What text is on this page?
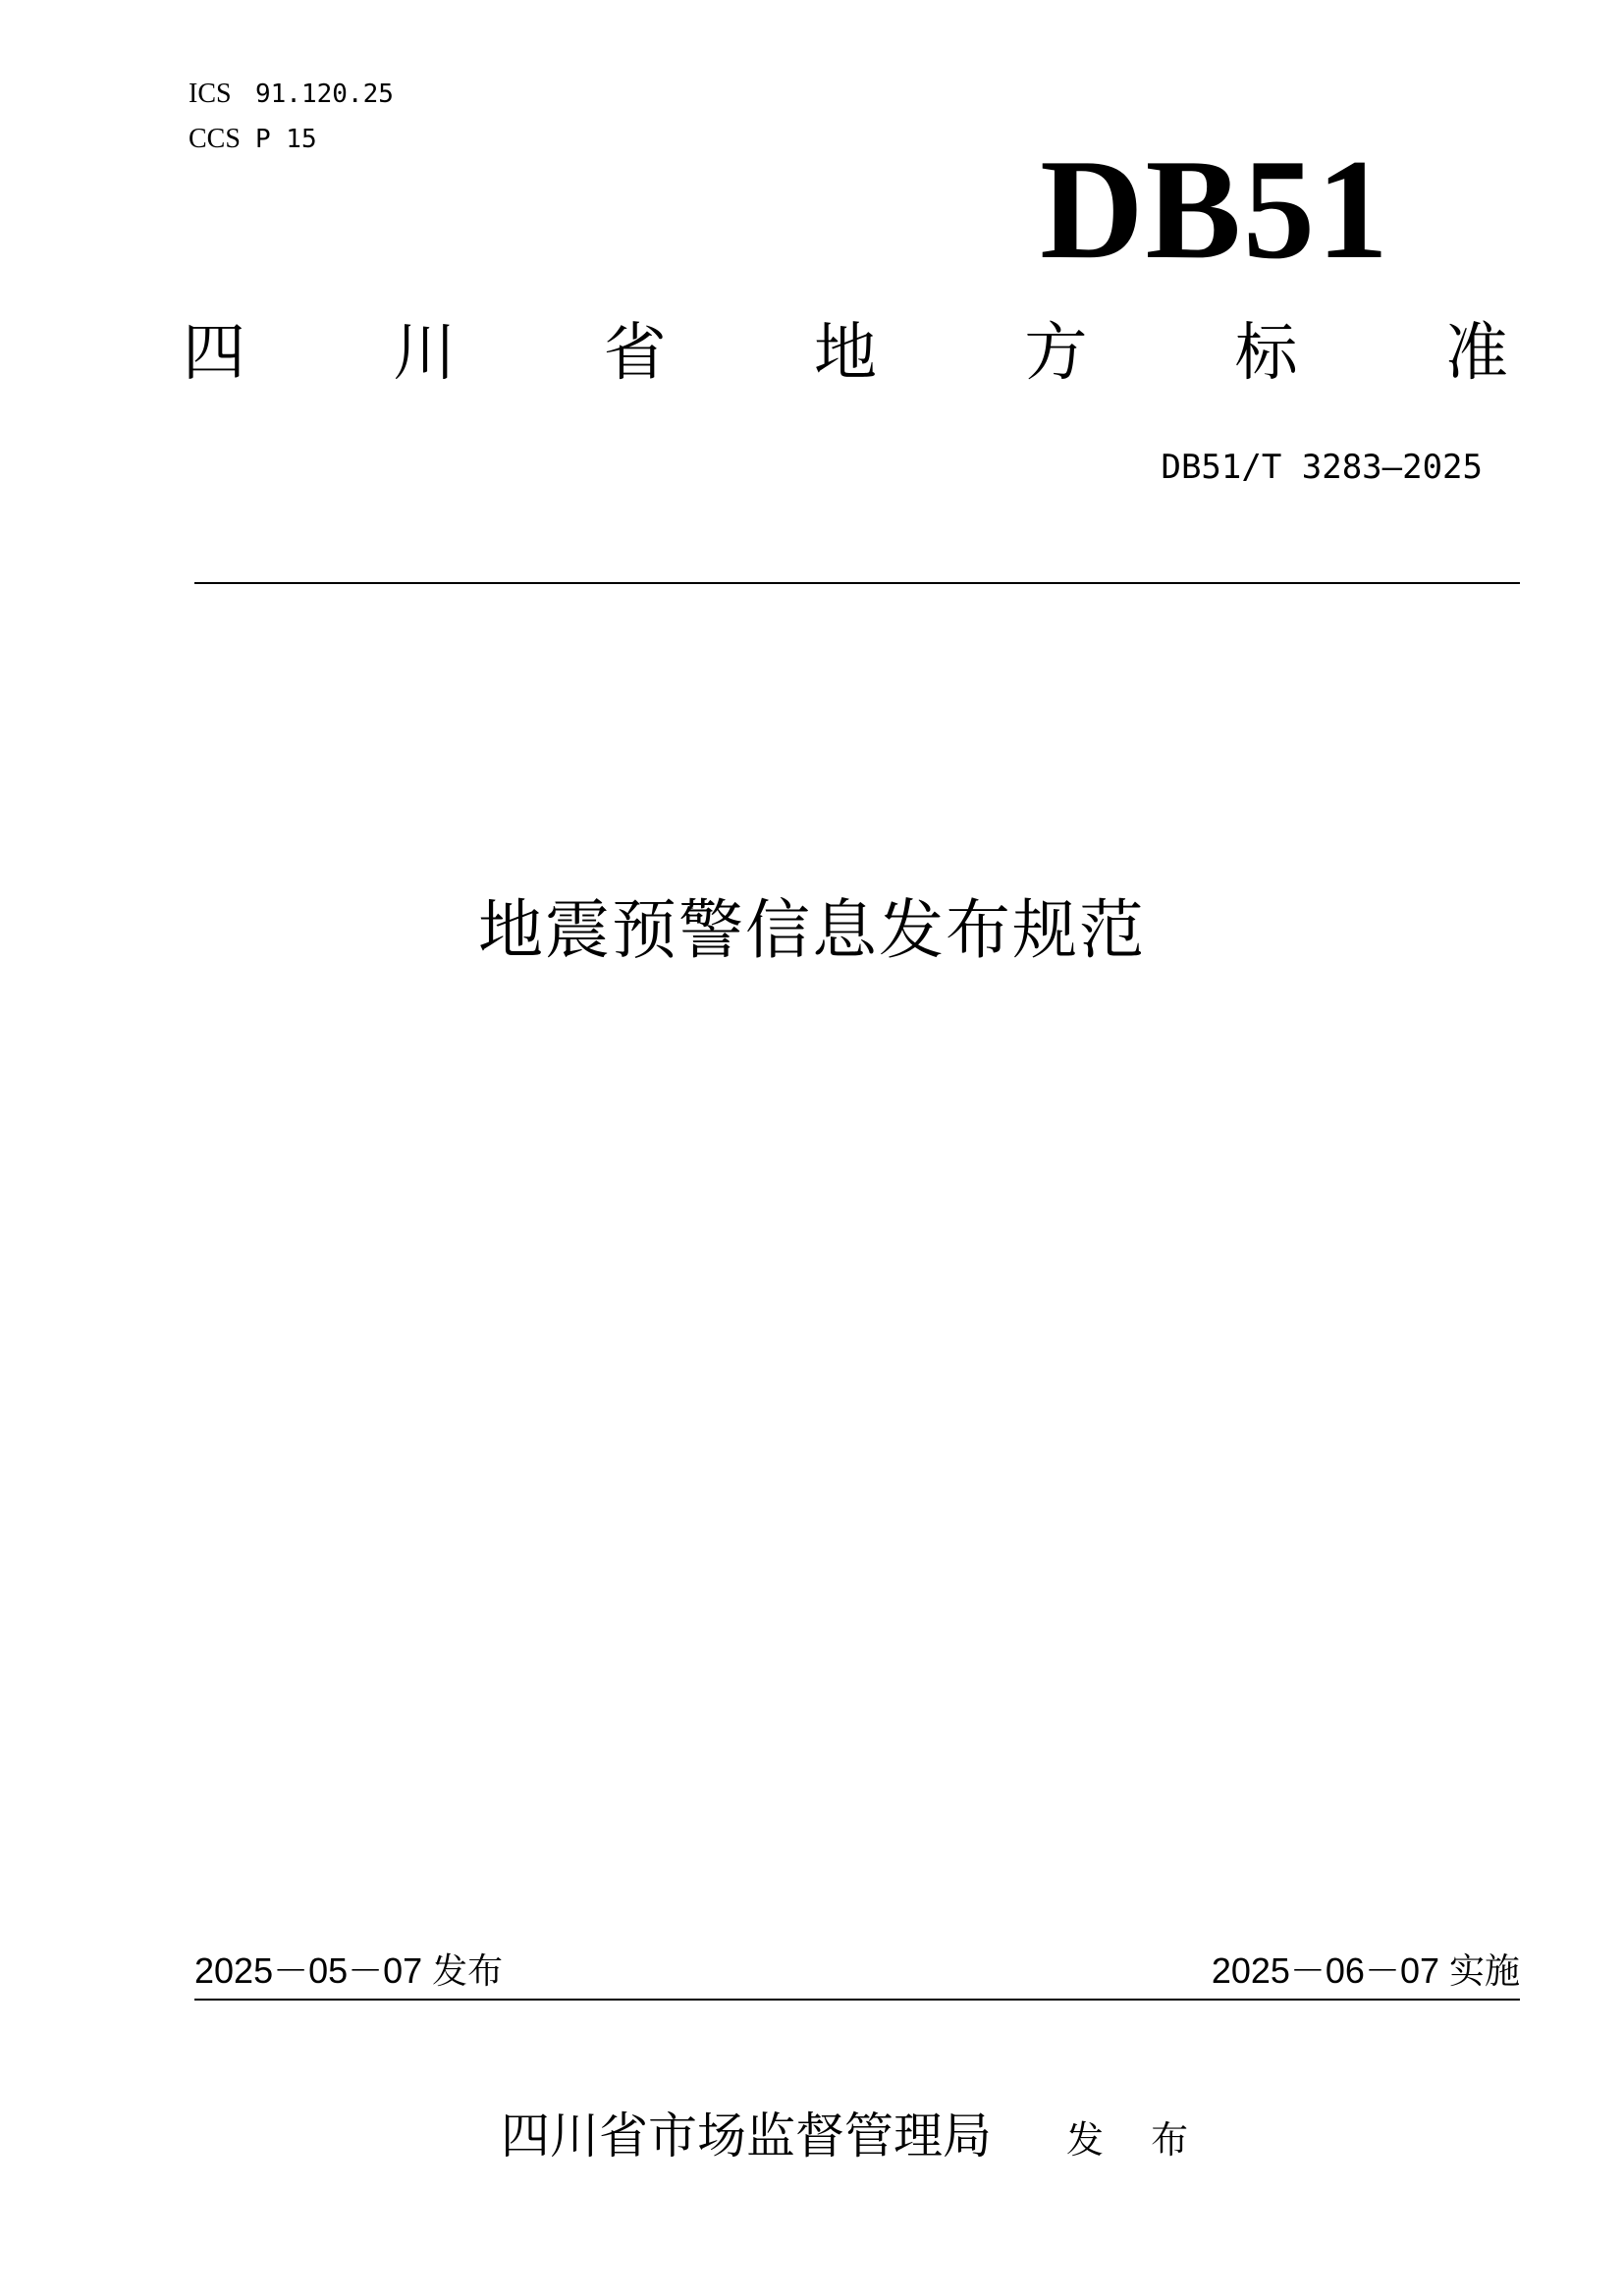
ICS 91.120.25
CCS P 15	DB51
四 川 省 地 方 标 准
DB51/T 3283—2025
地震预警信息发布规范
2025－05－07 发布	2025－06－07 实施
四川省市场监督管理局 发 布
